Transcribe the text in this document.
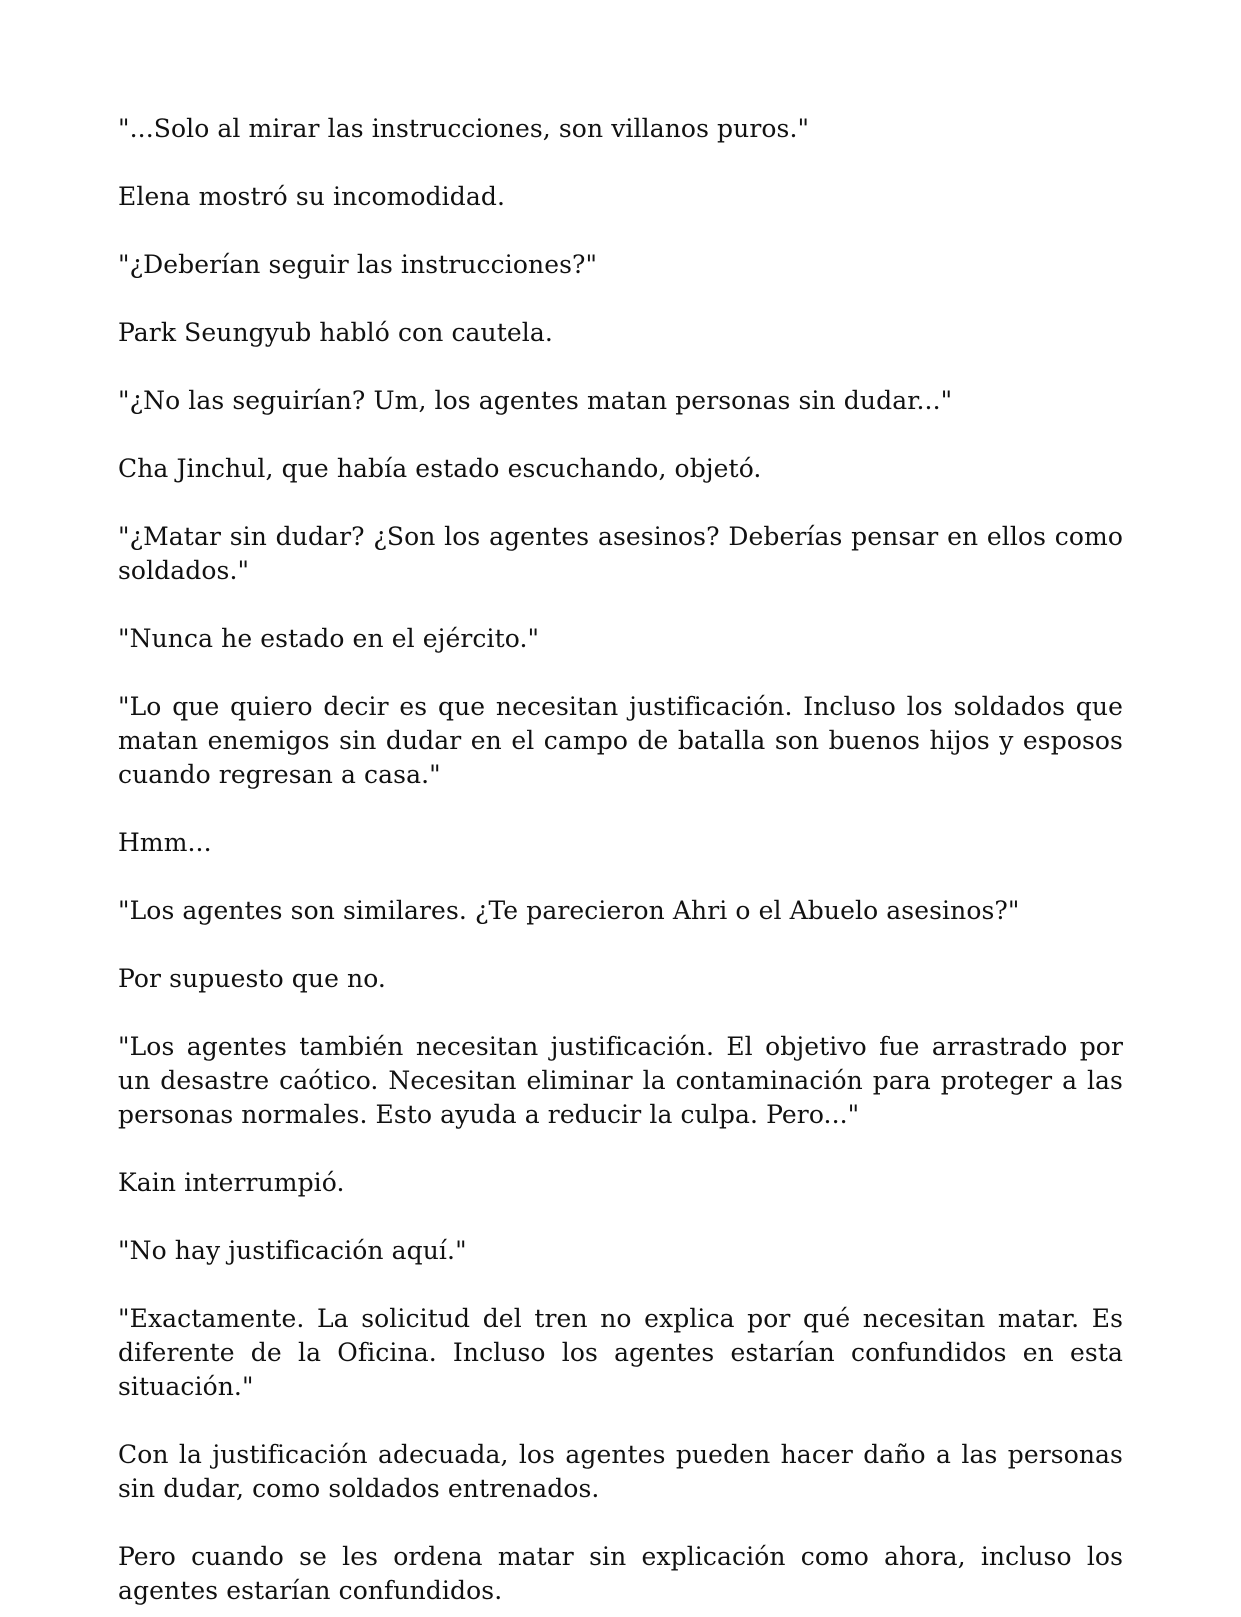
"...Solo al mirar las instrucciones, son villanos puros."

Elena mostró su incomodidad.

"¿Deberían seguir las instrucciones?"

Park Seungyub habló con cautela.

"¿No las seguirían? Um, los agentes matan personas sin dudar..."

Cha Jinchul, que había estado escuchando, objetó.

"¿Matar sin dudar? ¿Son los agentes asesinos? Deberías pensar en ellos como soldados."

"Nunca he estado en el ejército."

"Lo que quiero decir es que necesitan justificación. Incluso los soldados que matan enemigos sin dudar en el campo de batalla son buenos hijos y esposos cuando regresan a casa."

Hmm...

"Los agentes son similares. ¿Te parecieron Ahri o el Abuelo asesinos?"

Por supuesto que no.

"Los agentes también necesitan justificación. El objetivo fue arrastrado por un desastre caótico. Necesitan eliminar la contaminación para proteger a las personas normales. Esto ayuda a reducir la culpa. Pero..."

Kain interrumpió.

"No hay justificación aquí."

"Exactamente. La solicitud del tren no explica por qué necesitan matar. Es diferente de la Oficina. Incluso los agentes estarían confundidos en esta situación."

Con la justificación adecuada, los agentes pueden hacer daño a las personas sin dudar, como soldados entrenados.

Pero cuando se les ordena matar sin explicación como ahora, incluso los agentes estarían confundidos.
